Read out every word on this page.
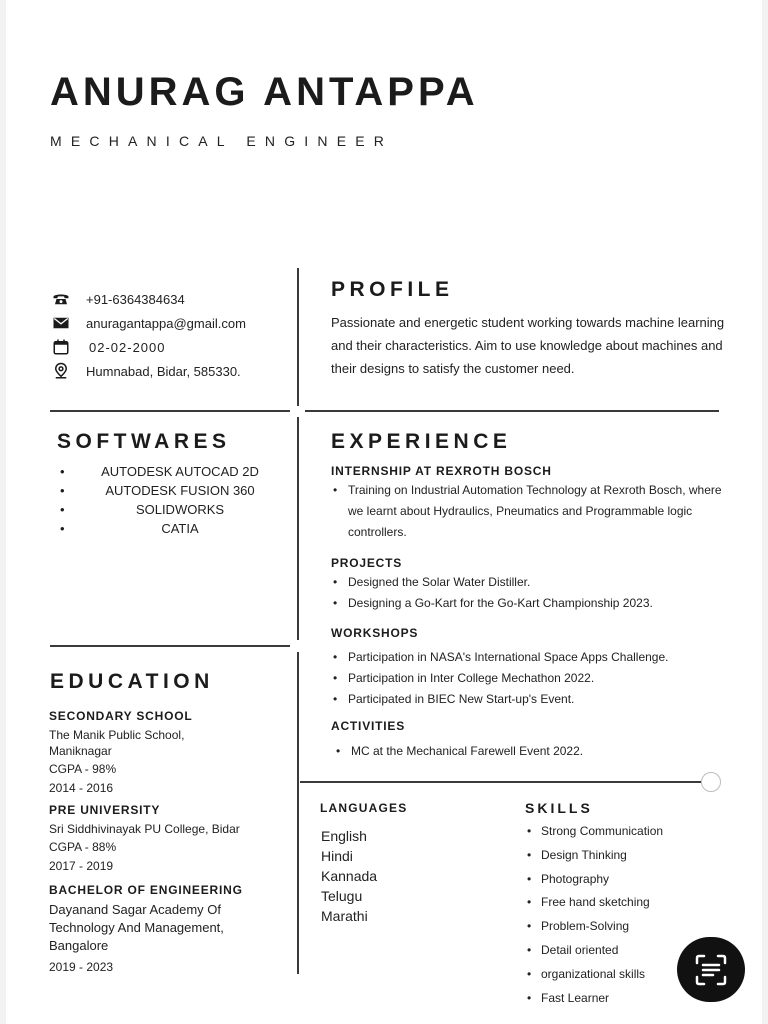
ANURAG ANTAPPA
MECHANICAL ENGINEER
+91-6364384634
anuragantappa@gmail.com
02-02-2000
Humnabad, Bidar, 585330.
PROFILE
Passionate and energetic student working towards machine learning and their characteristics. Aim to use knowledge about machines and their designs to satisfy the customer need.
SOFTWARES
• AUTODESK AUTOCAD 2D
• AUTODESK FUSION 360
• SOLIDWORKS
• CATIA
EXPERIENCE
INTERNSHIP AT REXROTH BOSCH
• Training on Industrial Automation Technology at Rexroth Bosch, where we learnt about Hydraulics, Pneumatics and Programmable logic controllers.
PROJECTS
• Designed the Solar Water Distiller.
• Designing a Go-Kart for the Go-Kart Championship 2023.
WORKSHOPS
• Participation in NASA's International Space Apps Challenge.
• Participation in Inter College Mechathon 2022.
• Participated in BIEC New Start-up's Event.
ACTIVITIES
• MC at the Mechanical Farewell Event 2022.
EDUCATION
SECONDARY SCHOOL
The Manik Public School,
Maniknagar
CGPA - 98%
2014 - 2016
PRE UNIVERSITY
Sri Siddhivinayak PU College, Bidar
CGPA - 88%
2017 - 2019
BACHELOR OF ENGINEERING
Dayanand Sagar Academy Of
Technology And Management,
Bangalore
2019 - 2023
LANGUAGES
English
Hindi
Kannada
Telugu
Marathi
SKILLS
• Strong Communication
• Design Thinking
• Photography
• Free hand sketching
• Problem-Solving
• Detail oriented
• organizational skills
• Fast Learner
